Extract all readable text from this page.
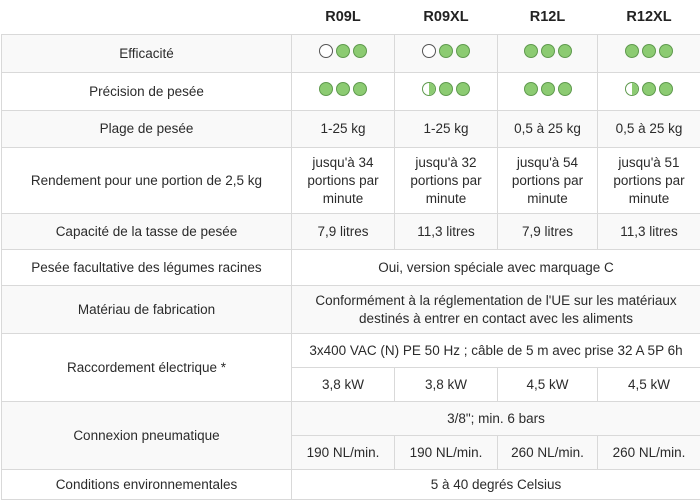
	R09L	R09XL	R12L	R12XL
Efficacité	

Précision de pesée	

Plage de pesée	1-25 kg	1-25 kg	0,5 à 25 kg	0,5 à 25 kg
Rendement pour une portion de 2,5 kg	jusqu'à 34 portions par minute	jusqu'à 32 portions par minute	jusqu'à 54 portions par minute	jusqu'à 51 portions par minute
Capacité de la tasse de pesée	7,9 litres	11,3 litres	7,9 litres	11,3 litres
Pesée facultative des légumes racines	Oui, version spéciale avec marquage C			
Matériau de fabrication	Conformément à la réglementation de l'UE sur les matériaux destinés à entrer en contact avec les aliments			
Raccordement électrique *	3x400 VAC (N) PE 50 Hz ; câble de 5 m avec prise 32 A 5P 6h			
	3,8 kW	3,8 kW	4,5 kW	4,5 kW
Connexion pneumatique	3/8"; min. 6 bars			
	190 NL/min.	190 NL/min.	260 NL/min.	260 NL/min.
Conditions environnementales	5 à 40 degrés Celsius			
